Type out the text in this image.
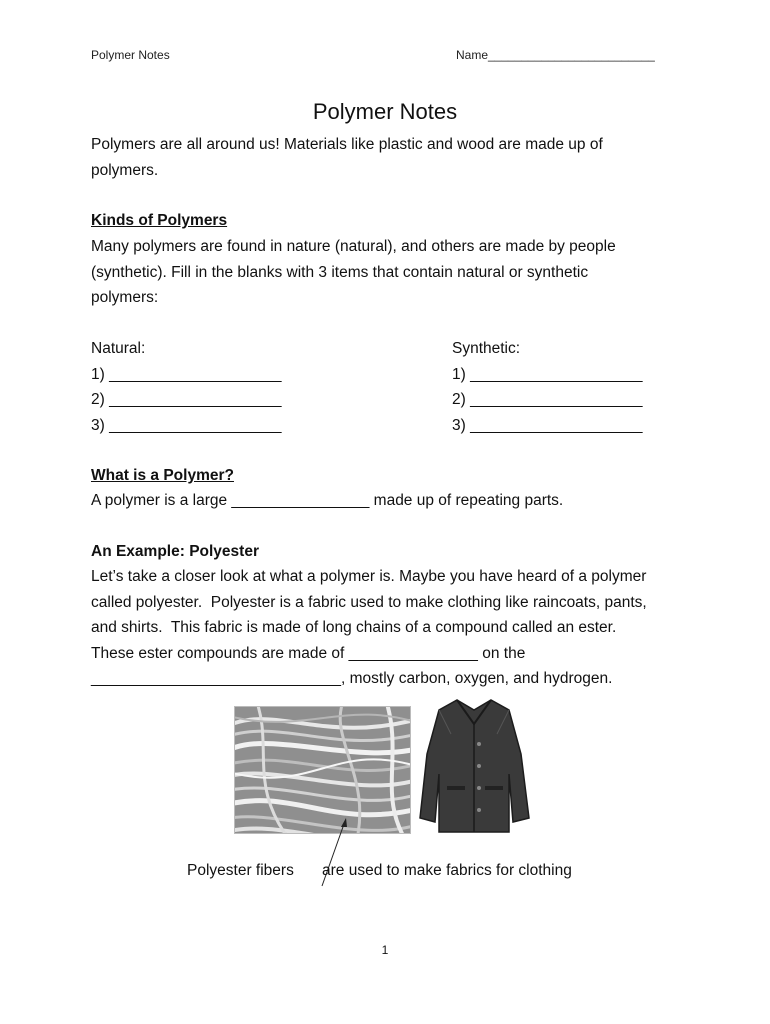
Polymer Notes	Name_________________________
Polymer Notes

Polymers are all around us! Materials like plastic and wood are made up of polymers.

Kinds of Polymers

Many polymers are found in nature (natural), and others are made by people (synthetic). Fill in the blanks with 3 items that contain natural or synthetic polymers:

Natural:
1) ____________________
2) ____________________
3) ____________________
Synthetic:
1) ____________________
2) ____________________
3) ____________________

What is a Polymer?

A polymer is a large ________________ made up of repeating parts.

An Example: Polyester

Let’s take a closer look at what a polymer is. Maybe you have heard of a polymer
called polyester.  Polyester is a fabric used to make clothing like raincoats, pants,
and shirts.  This fabric is made of long chains of a compound called an ester.
These ester compounds are made of _______________ on the
_____________________________, mostly carbon, oxygen, and hydrogen.
Polyester fibers are used to make fabrics for clothing
1
